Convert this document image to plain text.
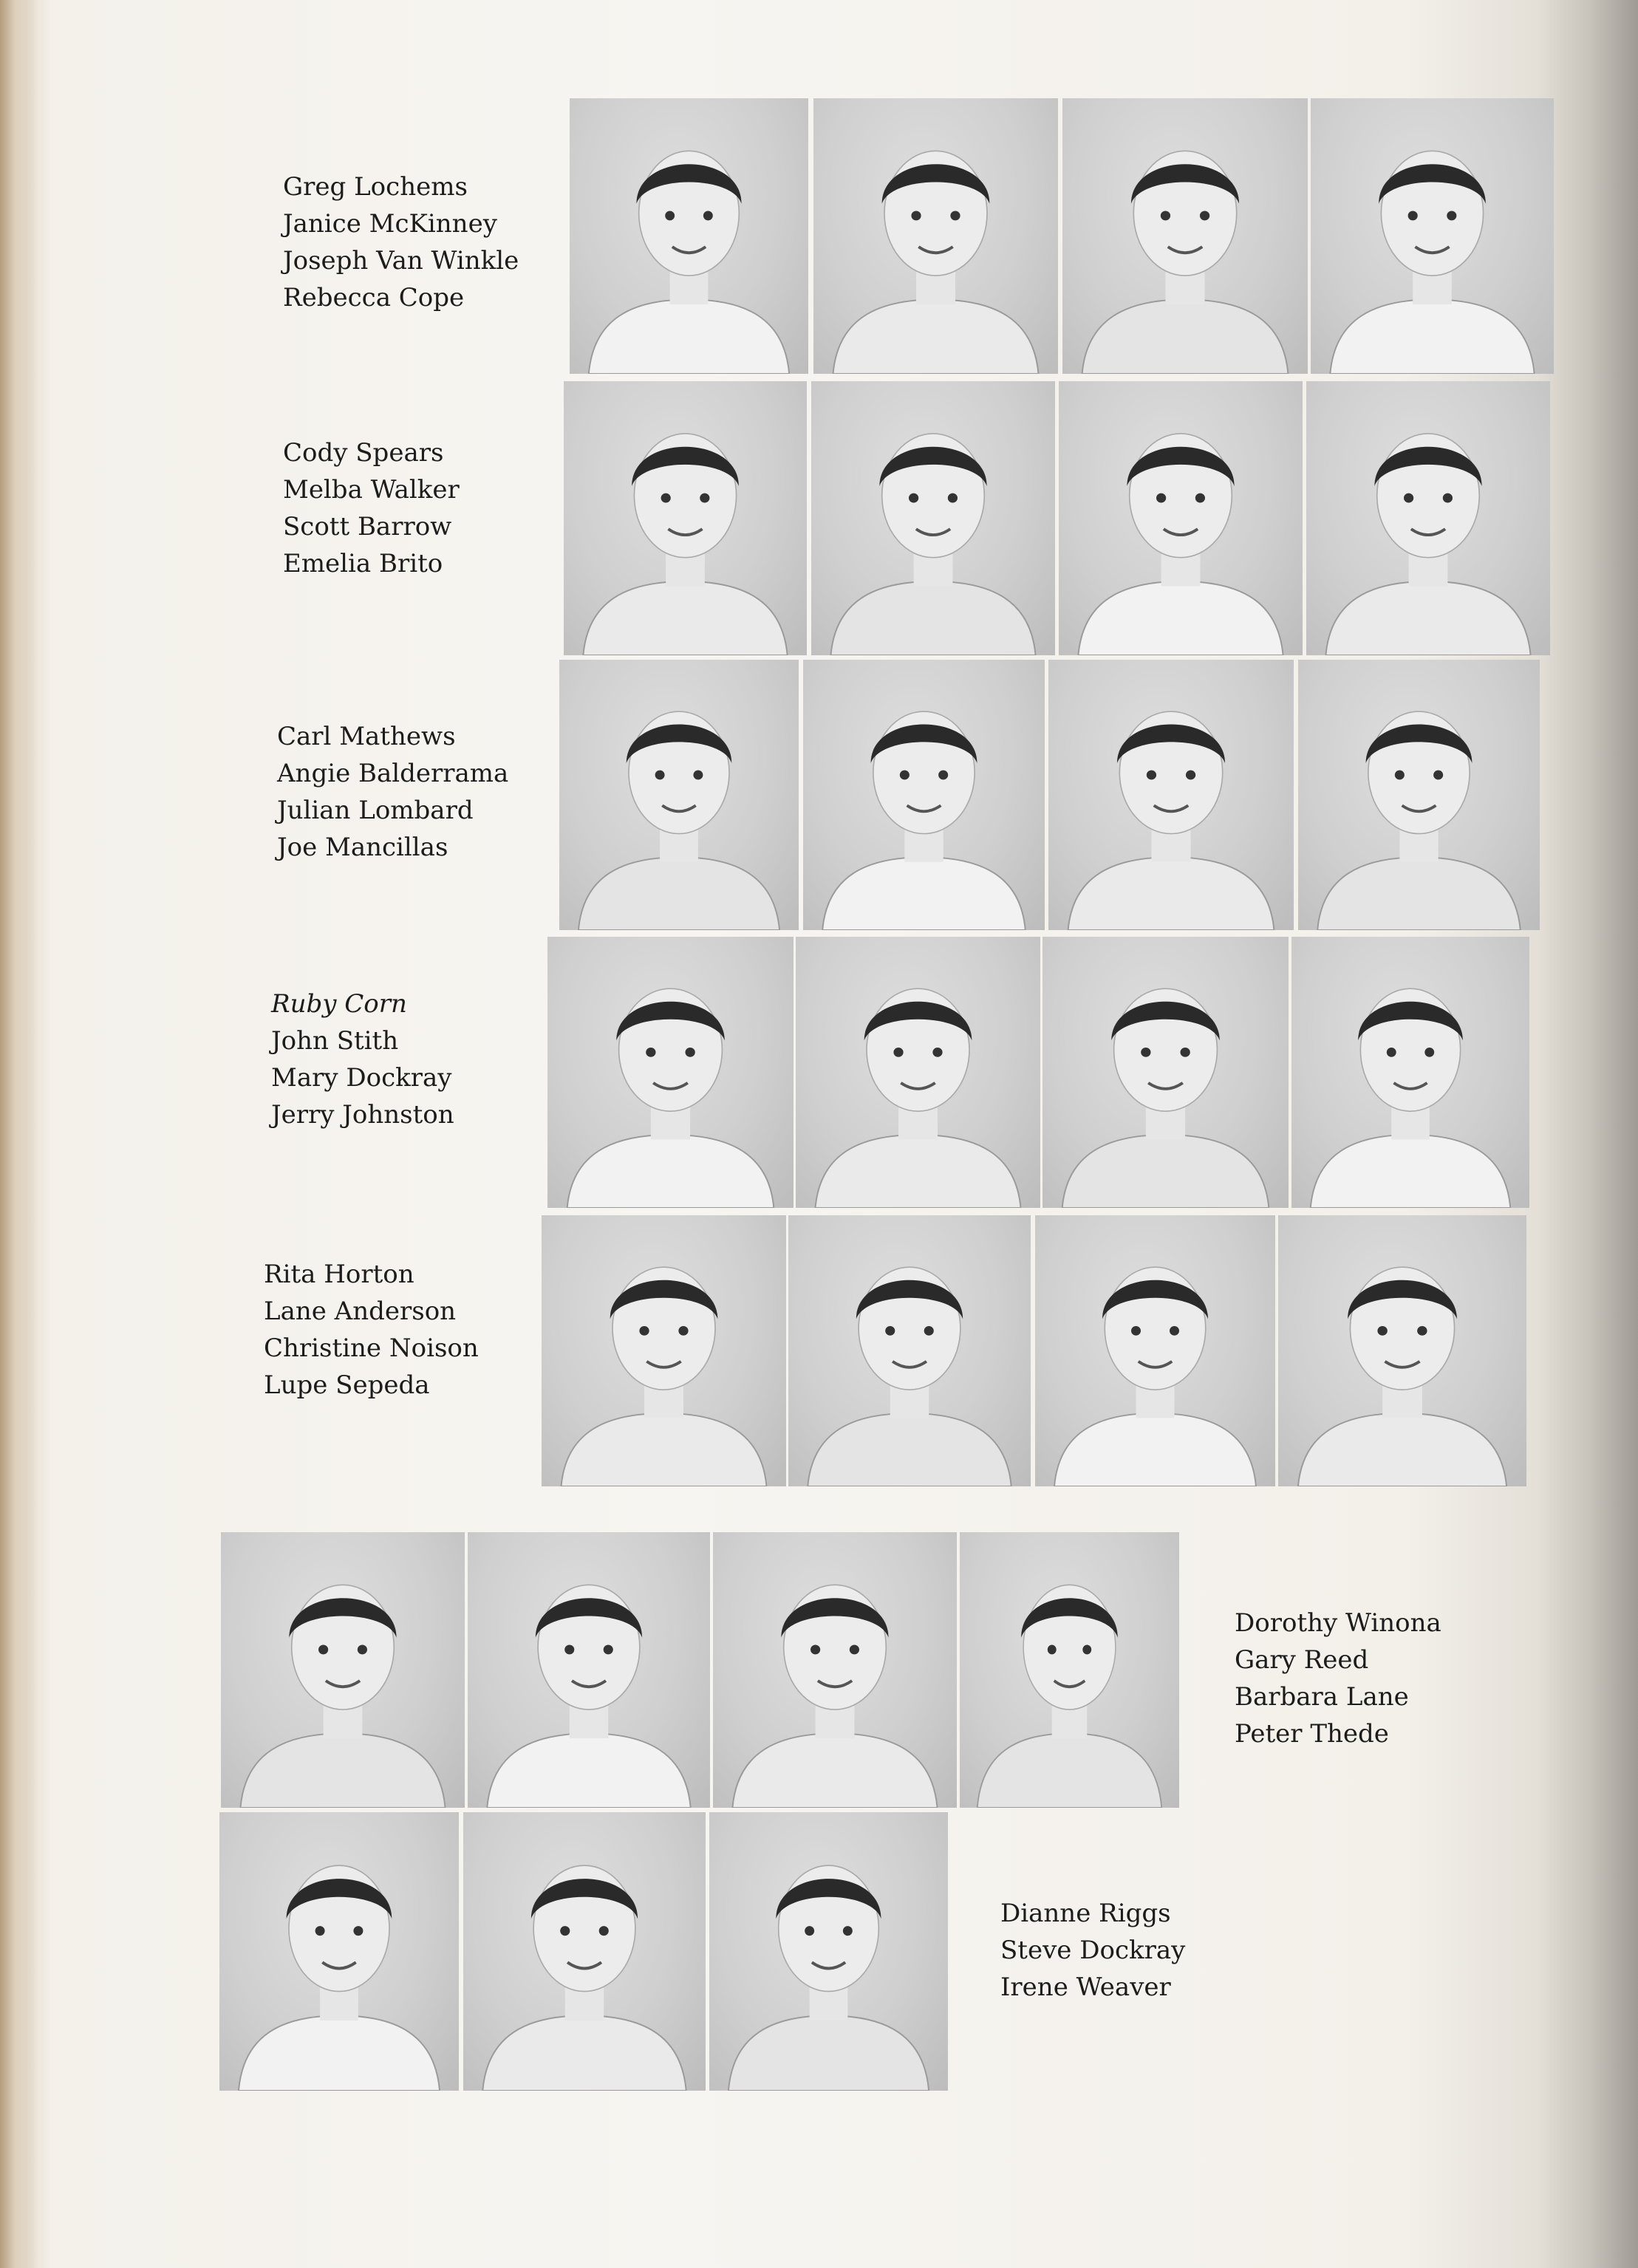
Greg Lochems
Janice McKinney
Joseph Van Winkle
Rebecca Cope
Cody Spears
Melba Walker
Scott Barrow
Emelia Brito
Carl Mathews
Angie Balderrama
Julian Lombard
Joe Mancillas
Ruby Corn
John Stith
Mary Dockray
Jerry Johnston
Rita Horton
Lane Anderson
Christine Noison
Lupe Sepeda
Dorothy Winona
Gary Reed
Barbara Lane
Peter Thede
Dianne Riggs
Steve Dockray
Irene Weaver
